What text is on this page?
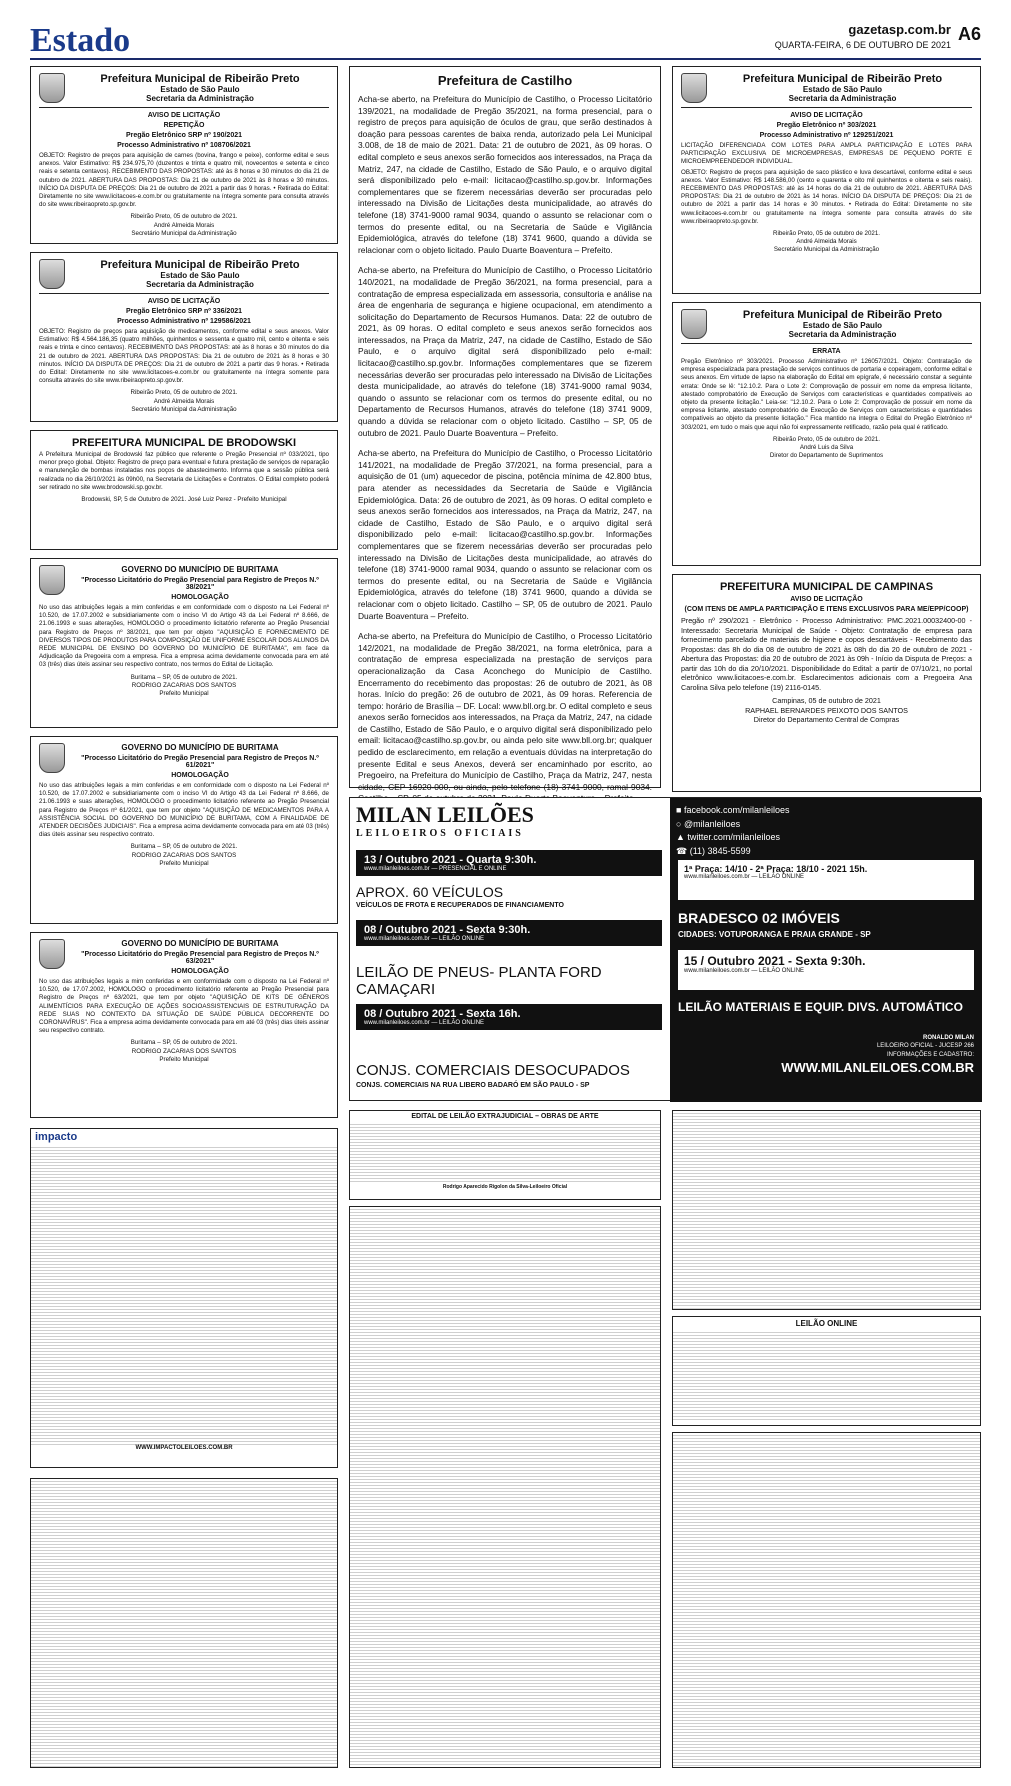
Estado	gazetasp.com.br
QUARTA-FEIRA, 6 DE OUTUBRO DE 2021
A6
Prefeitura Municipal de Ribeirão Preto
Estado de São Paulo
Secretaria da Administração
AVISO DE LICITAÇÃO
REPETIÇÃO
Pregão Eletrônico SRP nº 190/2021
Processo Administrativo nº 108706/2021

OBJETO: Registro de preços para aquisição de carnes (bovina, frango e peixe), conforme edital e seus anexos. Valor Estimativo: R$ 234.975,70 (duzentos e trinta e quatro mil, novecentos e setenta e cinco reais e setenta centavos). RECEBIMENTO DAS PROPOSTAS: até às 8 horas e 30 minutos do dia 21 de outubro de 2021. ABERTURA DAS PROPOSTAS: Dia 21 de outubro de 2021 às 8 horas e 30 minutos. INÍCIO DA DISPUTA DE PREÇOS: Dia 21 de outubro de 2021 a partir das 9 horas. • Retirada do Edital: Diretamente no site www.licitacoes-e.com.br ou gratuitamente na íntegra somente para consulta através do site www.ribeiraopreto.sp.gov.br.

Ribeirão Preto, 05 de outubro de 2021.
André Almeida Morais
Secretário Municipal da Administração
Prefeitura Municipal de Ribeirão Preto
Estado de São Paulo
Secretaria da Administração
AVISO DE LICITAÇÃO
Pregão Eletrônico SRP nº 336/2021
Processo Administrativo nº 129586/2021

OBJETO: Registro de preços para aquisição de medicamentos, conforme edital e seus anexos. Valor Estimativo: R$ 4.564.186,35 (quatro milhões, quinhentos e sessenta e quatro mil, cento e oitenta e seis reais e trinta e cinco centavos). RECEBIMENTO DAS PROPOSTAS: até às 8 horas e 30 minutos do dia 21 de outubro de 2021. ABERTURA DAS PROPOSTAS: Dia 21 de outubro de 2021 às 8 horas e 30 minutos. INÍCIO DA DISPUTA DE PREÇOS: Dia 21 de outubro de 2021 a partir das 9 horas. • Retirada do Edital: Diretamente no site www.licitacoes-e.com.br ou gratuitamente na íntegra somente para consulta através do site www.ribeiraopreto.sp.gov.br.

Ribeirão Preto, 05 de outubro de 2021.
André Almeida Morais
Secretário Municipal da Administração
PREFEITURA MUNICIPAL DE BRODOWSKI

A Prefeitura Municipal de Brodowski faz público que referente o Pregão Presencial nº 033/2021, tipo menor preço global. Objeto: Registro de preço para eventual e futura prestação de serviços de reparação e manutenção de bombas instaladas nos poços de abastecimento. Informa que a sessão pública será realizada no dia 26/10/2021 às 09h00, na Secretaria de Licitações e Contratos. O Edital completo poderá ser retirado no site www.brodowski.sp.gov.br.

Brodowski, SP, 5 de Outubro de 2021. José Luiz Perez - Prefeito Municipal
GOVERNO DO MUNICÍPIO DE BURITAMA
"Processo Licitatório do Pregão Presencial para Registro de Preços N.º 38/2021"
HOMOLOGAÇÃO

No uso das atribuições legais a mim conferidas e em conformidade com o disposto na Lei Federal nº 10.520, de 17.07.2002 e subsidiariamente com o inciso VI do Artigo 43 da Lei Federal nº 8.666, de 21.06.1993 e suas alterações, HOMOLOGO o procedimento licitatório referente ao Pregão Presencial para Registro de Preços nº 38/2021, que tem por objeto "AQUISIÇÃO E FORNECIMENTO DE DIVERSOS TIPOS DE PRODUTOS PARA COMPOSIÇÃO DE UNIFORME ESCOLAR DOS ALUNOS DA REDE MUNICIPAL DE ENSINO DO GOVERNO DO MUNICÍPIO DE BURITAMA", em face da Adjudicação da Pregoeira com a empresa. Fica a empresa acima devidamente convocada para em até 03 (três) dias úteis assinar seu respectivo contrato, nos termos do Edital de Licitação.

Buritama – SP, 05 de outubro de 2021.
RODRIGO ZACARIAS DOS SANTOS
Prefeito Municipal
GOVERNO DO MUNICÍPIO DE BURITAMA
"Processo Licitatório do Pregão Presencial para Registro de Preços N.º 61/2021"
HOMOLOGAÇÃO

No uso das atribuições legais a mim conferidas e em conformidade com o disposto na Lei Federal nº 10.520, de 17.07.2002 e subsidiariamente com o inciso VI do Artigo 43 da Lei Federal nº 8.666, de 21.06.1993 e suas alterações, HOMOLOGO o procedimento licitatório referente ao Pregão Presencial para Registro de Preços nº 61/2021, que tem por objeto "AQUISIÇÃO DE MEDICAMENTOS PARA A ASSISTÊNCIA SOCIAL DO GOVERNO DO MUNICÍPIO DE BURITAMA, COM A FINALIDADE DE ATENDER DECISÕES JUDICIAIS". Fica a empresa acima devidamente convocada para em até 03 (três) dias úteis assinar seu respectivo contrato.

Buritama – SP, 05 de outubro de 2021.
RODRIGO ZACARIAS DOS SANTOS
Prefeito Municipal
GOVERNO DO MUNICÍPIO DE BURITAMA
"Processo Licitatório do Pregão Presencial para Registro de Preços N.º 63/2021"
HOMOLOGAÇÃO

No uso das atribuições legais a mim conferidas e em conformidade com o disposto na Lei Federal nº 10.520, de 17.07.2002, HOMOLOGO o procedimento licitatório referente ao Pregão Presencial para Registro de Preços nº 63/2021, que tem por objeto "AQUISIÇÃO DE KITS DE GÊNEROS ALIMENTÍCIOS PARA EXECUÇÃO DE AÇÕES SOCIOASSISTENCIAIS DE ESTRUTURAÇÃO DA REDE SUAS NO CONTEXTO DA SITUAÇÃO DE SAÚDE PÚBLICA DECORRENTE DO CORONAVÍRUS". Fica a empresa acima devidamente convocada para em até 03 (três) dias úteis assinar seu respectivo contrato.

Buritama – SP, 05 de outubro de 2021.
RODRIGO ZACARIAS DOS SANTOS
Prefeito Municipal
Prefeitura de Castilho

Acha-se aberto, na Prefeitura do Município de Castilho, o Processo Licitatório 139/2021, na modalidade de Pregão 35/2021, na forma presencial, para o registro de preços para aquisição de óculos de grau, que serão destinados à doação para pessoas carentes de baixa renda, autorizado pela Lei Municipal 3.008, de 18 de maio de 2021. Data: 21 de outubro de 2021, às 09 horas. O edital completo e seus anexos serão fornecidos aos interessados, na Praça da Matriz, 247, na cidade de Castilho, Estado de São Paulo, e o arquivo digital será disponibilizado pelo e-mail: licitacao@castilho.sp.gov.br. Informações complementares que se fizerem necessárias deverão ser procuradas pelo interessado na Divisão de Licitações desta municipalidade, ao através do telefone (18) 3741-9000 ramal 9034, quando o assunto se relacionar com o termos do presente edital, ou na Secretaria de Saúde e Vigilância Epidemiológica, através do telefone (18) 3741 9600, quando a dúvida se relacionar com o objeto licitado. Paulo Duarte Boaventura – Prefeito.

Acha-se aberto, na Prefeitura do Município de Castilho, o Processo Licitatório 140/2021, na modalidade de Pregão 36/2021, na forma presencial, para a contratação de empresa especializada em assessoria, consultoria e análise na área de engenharia de segurança e higiene ocupacional, em atendimento a solicitação do Departamento de Recursos Humanos. Data: 22 de outubro de 2021, às 09 horas. O edital completo e seus anexos serão fornecidos aos interessados, na Praça da Matriz, 247, na cidade de Castilho, Estado de São Paulo, e o arquivo digital será disponibilizado pelo e-mail: licitacao@castilho.sp.gov.br. Informações complementares que se fizerem necessárias deverão ser procuradas pelo interessado na Divisão de Licitações desta municipalidade, ao através do telefone (18) 3741-9000 ramal 9034, quando o assunto se relacionar com os termos do presente edital, ou no Departamento de Recursos Humanos, através do telefone (18) 3741 9009, quando a dúvida se relacionar com o objeto licitado. Castilho – SP, 05 de outubro de 2021. Paulo Duarte Boaventura – Prefeito.

Acha-se aberto, na Prefeitura do Município de Castilho, o Processo Licitatório 141/2021, na modalidade de Pregão 37/2021, na forma presencial, para a aquisição de 01 (um) aquecedor de piscina, potência mínima de 42.800 btus, para atender as necessidades da Secretaria de Saúde e Vigilância Epidemiológica. Data: 26 de outubro de 2021, às 09 horas. O edital completo e seus anexos serão fornecidos aos interessados, na Praça da Matriz, 247, na cidade de Castilho, Estado de São Paulo, e o arquivo digital será disponibilizado pelo e-mail: licitacao@castilho.sp.gov.br. Informações complementares que se fizerem necessárias deverão ser procuradas pelo interessado na Divisão de Licitações desta municipalidade, ao através do telefone (18) 3741-9000 ramal 9034, quando o assunto se relacionar com os termos do presente edital, ou na Secretaria de Saúde e Vigilância Epidemiológica, através do telefone (18) 3741 9600, quando a dúvida se relacionar com o objeto licitado. Castilho – SP, 05 de outubro de 2021. Paulo Duarte Boaventura – Prefeito.

Acha-se aberto, na Prefeitura do Município de Castilho, o Processo Licitatório 142/2021, na modalidade de Pregão 38/2021, na forma eletrônica, para a contratação de empresa especializada na prestação de serviços para operacionalização da Casa Aconchego do Município de Castilho. Encerramento do recebimento das propostas: 26 de outubro de 2021, às 08 horas. Início do pregão: 26 de outubro de 2021, às 09 horas. Referencia de tempo: horário de Brasília – DF. Local: www.bll.org.br. O edital completo e seus anexos serão fornecidos aos interessados, na Praça da Matriz, 247, na cidade de Castilho, Estado de São Paulo, e o arquivo digital será disponibilizado pelo email: licitacao@castilho.sp.gov.br, ou ainda pelo site www.bll.org.br; qualquer pedido de esclarecimento, em relação a eventuais dúvidas na interpretação do presente Edital e seus Anexos, deverá ser encaminhado por escrito, ao Pregoeiro, na Prefeitura do Município de Castilho, Praça da Matriz, 247, nesta cidade, CEP 16920-000, ou ainda, pelo telefone (18) 3741-9000, ramal 9034.

Prefeitura Municipal de Ribeirão Preto
Estado de São Paulo
Secretaria da Administração
AVISO DE LICITAÇÃO
Pregão Eletrônico nº 303/2021
Processo Administrativo nº 129251/2021

LICITAÇÃO DIFERENCIADA COM LOTES PARA AMPLA PARTICIPAÇÃO E LOTES PARA PARTICIPAÇÃO EXCLUSIVA DE MICROEMPRESAS, EMPRESAS DE PEQUENO PORTE E MICROEMPREENDEDOR INDIVIDUAL.

OBJETO: Registro de preços para aquisição de saco plástico e luva descartável, conforme edital e seus anexos. Valor Estimativo: R$ 148.586,00 (cento e quarenta e oito mil quinhentos e oitenta e seis reais). RECEBIMENTO DAS PROPOSTAS: até às 14 horas do dia 21 de outubro de 2021. ABERTURA DAS PROPOSTAS: Dia 21 de outubro de 2021 às 14 horas. INÍCIO DA DISPUTA DE PREÇOS: Dia 21 de outubro de 2021 a partir das 14 horas e 30 minutos. • Retirada do Edital: Diretamente no site www.licitacoes-e.com.br ou gratuitamente na íntegra somente para consulta através do site www.ribeiraopreto.sp.gov.br.

Ribeirão Preto, 05 de outubro de 2021.
André Almeida Morais
Secretário Municipal da Administração
Prefeitura Municipal de Ribeirão Preto
Estado de São Paulo
Secretaria da Administração
ERRATA

Pregão Eletrônico nº 303/2021. Processo Administrativo nº 126057/2021. Objeto: Contratação de empresa especializada para prestação de serviços contínuos de portaria e copeiragem, conforme edital e seus anexos. Em virtude de lapso na elaboração do Edital em epígrafe, é necessário constar a seguinte errata: Onde se lê: "12.10.2. Para o Lote 2: Comprovação de possuir em nome da empresa licitante, atestado comprobatório de Execução de Serviços com características e quantidades compatíveis ao objeto da presente licitação." Leia-se: "12.10.2. Para o Lote 2: Comprovação de possuir em nome da empresa licitante, atestado comprobatório de Execução de Serviços com características e quantidades compatíveis ao objeto da presente licitação." Fica mantido na íntegra o Edital do Pregão Eletrônico nº 303/2021, em tudo o mais que aqui não foi expressamente retificado, razão pela qual é ratificado.

Ribeirão Preto, 05 de outubro de 2021.
André Luis da Silva
Diretor do Departamento de Suprimentos
PREFEITURA MUNICIPAL DE CAMPINAS
AVISO DE LICITAÇÃO
(COM ITENS DE AMPLA PARTICIPAÇÃO E ITENS EXCLUSIVOS PARA ME/EPP/COOP)

Pregão nº 290/2021 - Eletrônico - Processo Administrativo: PMC.2021.00032400-00 - Interessado: Secretaria Municipal de Saúde - Objeto: Contratação de empresa para fornecimento parcelado de materiais de higiene e copos descartáveis - Recebimento das Propostas: das 8h do dia 08 de outubro de 2021 às 08h do dia 20 de outubro de 2021 - Abertura das Propostas: dia 20 de outubro de 2021 às 09h - Início da Disputa de Preços: a partir das 10h do dia 20/10/2021. Disponibilidade do Edital: a partir de 07/10/21, no portal eletrônico www.licitacoes-e.com.br. Esclarecimentos adicionais com a Pregoeira Ana Carolina Silva pelo telefone (19) 2116-0145.

Campinas, 05 de outubro de 2021
RAPHAEL BERNARDES PEIXOTO DOS SANTOS
Diretor do Departamento Central de Compras
MILAN LEILÕES
LEILOEIROS OFICIAIS
13 / Outubro 2021 - Quarta 9:30h.
www.milanleiloes.com.br — PRESENCIAL E ONLINE
APROX. 60 VEÍCULOS
VEÍCULOS DE FROTA E RECUPERADOS DE FINANCIAMENTO
08 / Outubro 2021 - Sexta 9:30h.
www.milanleiloes.com.br — LEILÃO ONLINE
LEILÃO DE PNEUS- PLANTA FORD CAMAÇARI
08 / Outubro 2021 - Sexta 16h.
www.milanleiloes.com.br — LEILÃO ONLINE
CONJS. COMERCIAIS DESOCUPADOS
CONJS. COMERCIAIS NA RUA LIBERO BADARÓ EM SÃO PAULO - SP
■ facebook.com/milanleiloes
○ @milanleiloes
▲ twitter.com/milanleiloes
☎ (11) 3845-5599
1ª Praça: 14/10 - 2ª Praça: 18/10 - 2021 15h.
www.milanleiloes.com.br — LEILÃO ONLINE
BRADESCO 02 IMÓVEIS
CIDADES: VOTUPORANGA E PRAIA GRANDE - SP
15 / Outubro 2021 - Sexta 9:30h.
www.milanleiloes.com.br — LEILÃO ONLINE
LEILÃO MATERIAIS E EQUIP. DIVS. AUTOMÁTICO
RONALDO MILAN
LEILOEIRO OFICIAL - JUCESP 266
INFORMAÇÕES E CADASTRO:
WWW.MILANLEILOES.COM.BR
impacto
WWW.IMPACTOLEILOES.COM.BR
EDITAL DE LEILÃO EXTRAJUDICIAL – OBRAS DE ARTE
Rodrigo Aparecido Rigolon da Silva-Leiloeiro Oficial
LEILÃO ONLINE
